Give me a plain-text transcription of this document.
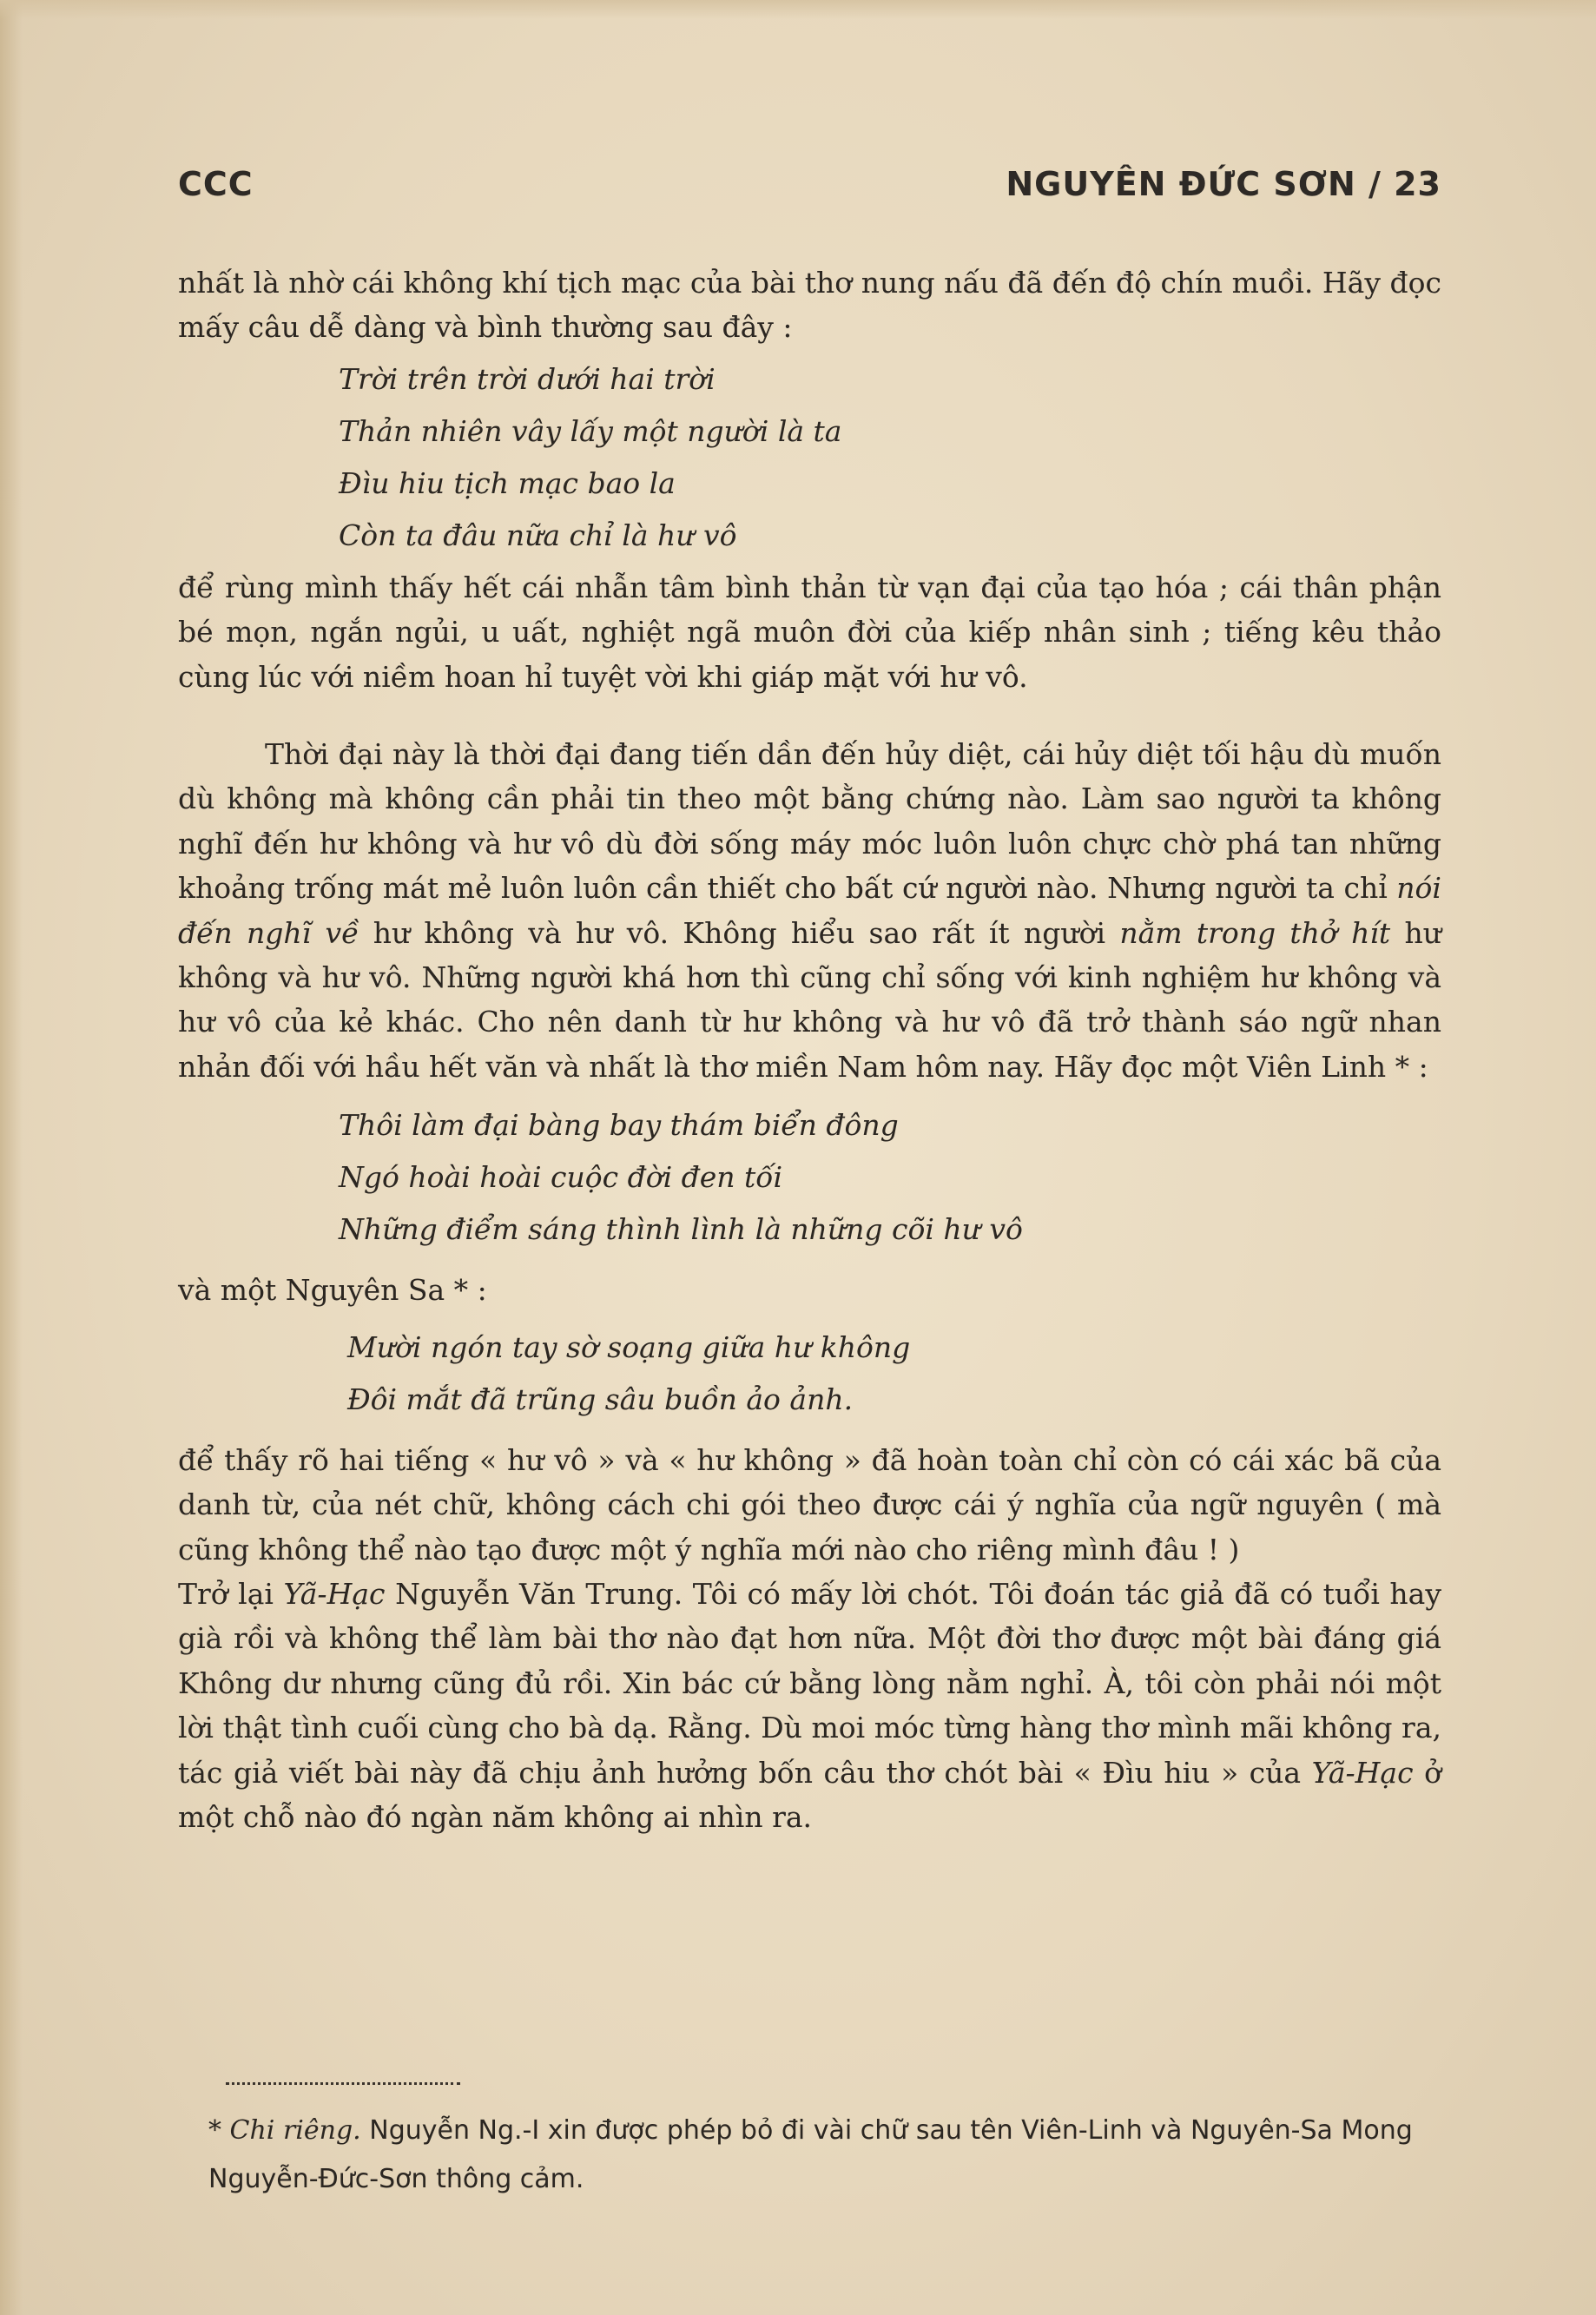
CCC	NGUYÊN ĐỨC SƠN / 23

nhất là nhờ cái không khí tịch mạc của bài thơ nung nấu đã đến độ chín muồi. Hãy đọc mấy câu dễ dàng và bình thường sau đây :

Trời trên trời dưới hai trời
Thản nhiên vây lấy một người là ta
Đìu hiu tịch mạc bao la
Còn ta đâu nữa chỉ là hư vô

để rùng mình thấy hết cái nhẫn tâm bình thản từ vạn đại của tạo hóa ; cái thân phận bé mọn, ngắn ngủi, u uất, nghiệt ngã muôn đời của kiếp nhân sinh ; tiếng kêu thảo cùng lúc với niềm hoan hỉ tuyệt vời khi giáp mặt với hư vô.

Thời đại này là thời đại đang tiến dần đến hủy diệt, cái hủy diệt tối hậu dù muốn dù không mà không cần phải tin theo một bằng chứng nào. Làm sao người ta không nghĩ đến hư không và hư vô dù đời sống máy móc luôn luôn chực chờ phá tan những khoảng trống mát mẻ luôn luôn cần thiết cho bất cứ người nào. Nhưng người ta chỉ nói đến nghĩ về hư không và hư vô. Không hiểu sao rất ít người nằm trong thở hít hư không và hư vô. Những người khá hơn thì cũng chỉ sống với kinh nghiệm hư không và hư vô của kẻ khác. Cho nên danh từ hư không và hư vô đã trở thành sáo ngữ nhan nhản đối với hầu hết văn và nhất là thơ miền Nam hôm nay. Hãy đọc một Viên Linh * :

Thôi làm đại bàng bay thám biển đông
Ngó hoài hoài cuộc đời đen tối
Những điểm sáng thình lình là những cõi hư vô

và một Nguyên Sa * :

Mười ngón tay sờ soạng giữa hư không
Đôi mắt đã trũng sâu buồn ảo ảnh.

để thấy rõ hai tiếng « hư vô » và « hư không » đã hoàn toàn chỉ còn có cái xác bã của danh từ, của nét chữ, không cách chi gói theo được cái ý nghĩa của ngữ nguyên ( mà cũng không thể nào tạo được một ý nghĩa mới nào cho riêng mình đâu ! )

Trở lại Yã-Hạc Nguyễn Văn Trung. Tôi có mấy lời chót. Tôi đoán tác giả đã có tuổi hay già rồi và không thể làm bài thơ nào đạt hơn nữa. Một đời thơ được một bài đáng giá Không dư nhưng cũng đủ rồi. Xin bác cứ bằng lòng nằm nghỉ. À, tôi còn phải nói một lời thật tình cuối cùng cho bà dạ. Rằng. Dù moi móc từng hàng thơ mình mãi không ra, tác giả viết bài này đã chịu ảnh hưởng bốn câu thơ chót bài « Đìu hiu » của Yã-Hạc ở một chỗ nào đó ngàn năm không ai nhìn ra.

* Chi riêng. Nguyễn Ng.-I xin được phép bỏ đi vài chữ sau tên Viên-Linh và Nguyên-Sa Mong Nguyễn-Đức-Sơn thông cảm.
